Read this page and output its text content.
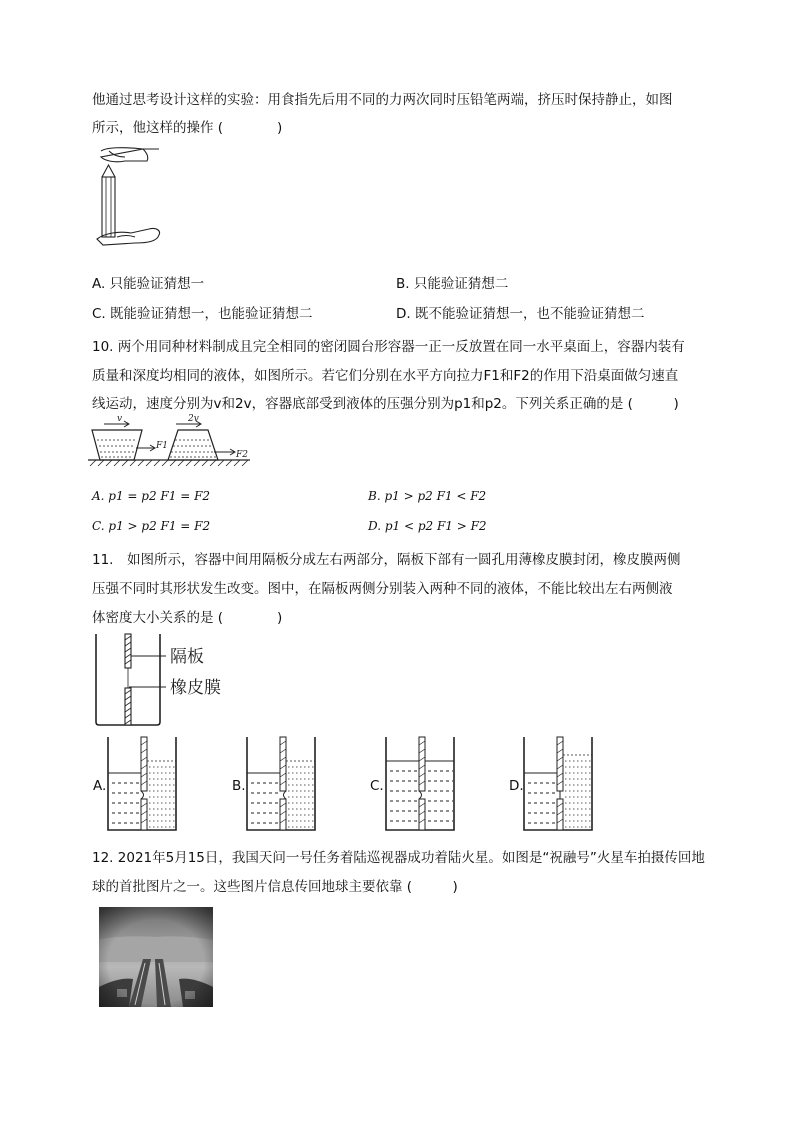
他通过思考设计这样的实验：用食指先后用不同的力两次同时压铅笔两端，挤压时保持静止，如图
所示，他这样的操作 (　　　　)
A. 只能验证猜想一	B. 只能验证猜想二
C. 既能验证猜想一，也能验证猜想二	D. 既不能验证猜想一，也不能验证猜想二
10. 两个用同种材料制成且完全相同的密闭圆台形容器一正一反放置在同一水平桌面上，容器内装有
质量和深度均相同的液体，如图所示。若它们分别在水平方向拉力F1和F2的作用下沿桌面做匀速直
线运动，速度分别为v和2v，容器底部受到液体的压强分别为p1和p2。下列关系正确的是 (　　　)
v	2v
F1
F2
A. p1 = p2 F1 = F2	B. p1 > p2 F1 < F2
C. p1 > p2 F1 = F2	D. p1 < p2 F1 > F2
11.　如图所示，容器中间用隔板分成左右两部分，隔板下部有一圆孔用薄橡皮膜封闭，橡皮膜两侧
压强不同时其形状发生改变。图中，在隔板两侧分别装入两种不同的液体，不能比较出左右两侧液
体密度大小关系的是 (　　　　)
隔板
橡皮膜
A.	B.	C.	D.
12. 2021年5月15日，我国天问一号任务着陆巡视器成功着陆火星。如图是“祝融号”火星车拍摄传回地
球的首批图片之一。这些图片信息传回地球主要依靠 (　　　)
